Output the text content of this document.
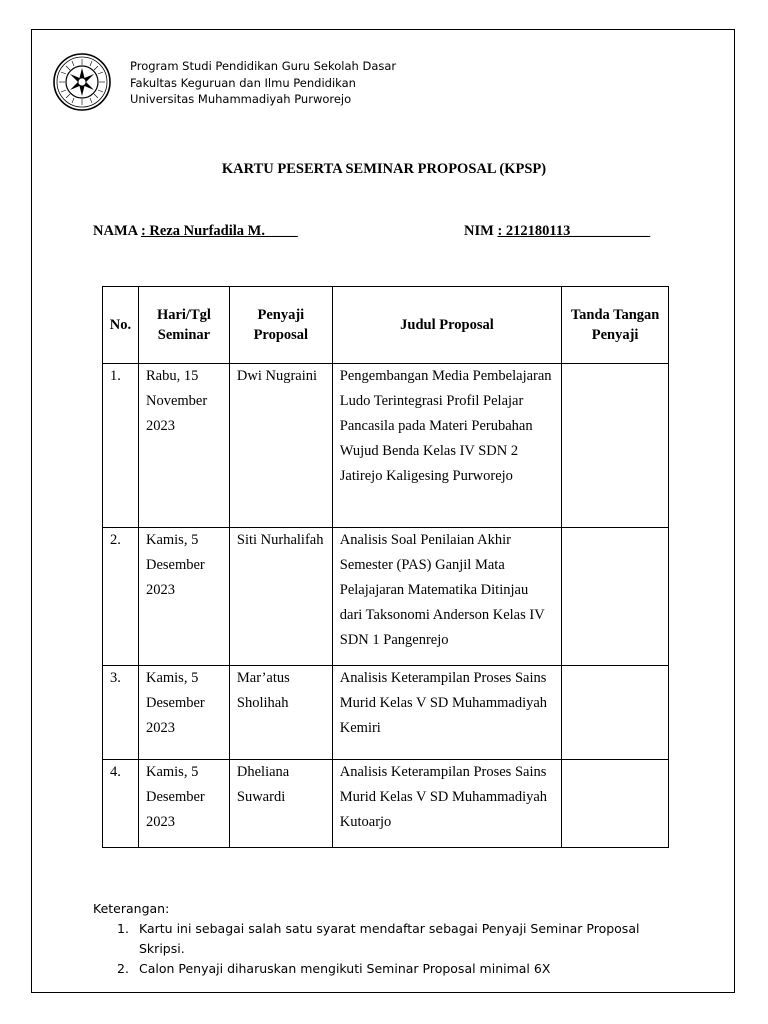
Program Studi Pendidikan Guru Sekolah Dasar
Fakultas Keguruan dan Ilmu Pendidikan
Universitas Muhammadiyah Purworejo
KARTU PESERTA SEMINAR PROPOSAL (KPSP)
NAMA : Reza Nurfadila M. ____	NIM : 212180113___________
No.	Hari/Tgl Seminar	Penyaji Proposal	Judul Proposal	Tanda Tangan Penyaji
1.	Rabu, 15 November 2023	Dwi Nugraini	Pengembangan Media Pembelajaran Ludo Terintegrasi Profil Pelajar Pancasila pada Materi Perubahan Wujud Benda Kelas IV SDN 2 Jatirejo Kaligesing Purworejo	
2.	Kamis, 5 Desember 2023	Siti Nurhalifah	Analisis Soal Penilaian Akhir Semester (PAS) Ganjil Mata Pelajajaran Matematika Ditinjau dari Taksonomi Anderson Kelas IV SDN 1 Pangenrejo	
3.	Kamis, 5 Desember 2023	Mar’atus Sholihah	Analisis Keterampilan Proses Sains Murid Kelas V SD Muhammadiyah Kemiri	
4.	Kamis, 5 Desember 2023	Dheliana Suwardi	Analisis Keterampilan Proses Sains Murid Kelas V SD Muhammadiyah Kutoarjo	
Keterangan:
1. Kartu ini sebagai salah satu syarat mendaftar sebagai Penyaji Seminar Proposal Skripsi.
2. Calon Penyaji diharuskan mengikuti Seminar Proposal minimal 6X
